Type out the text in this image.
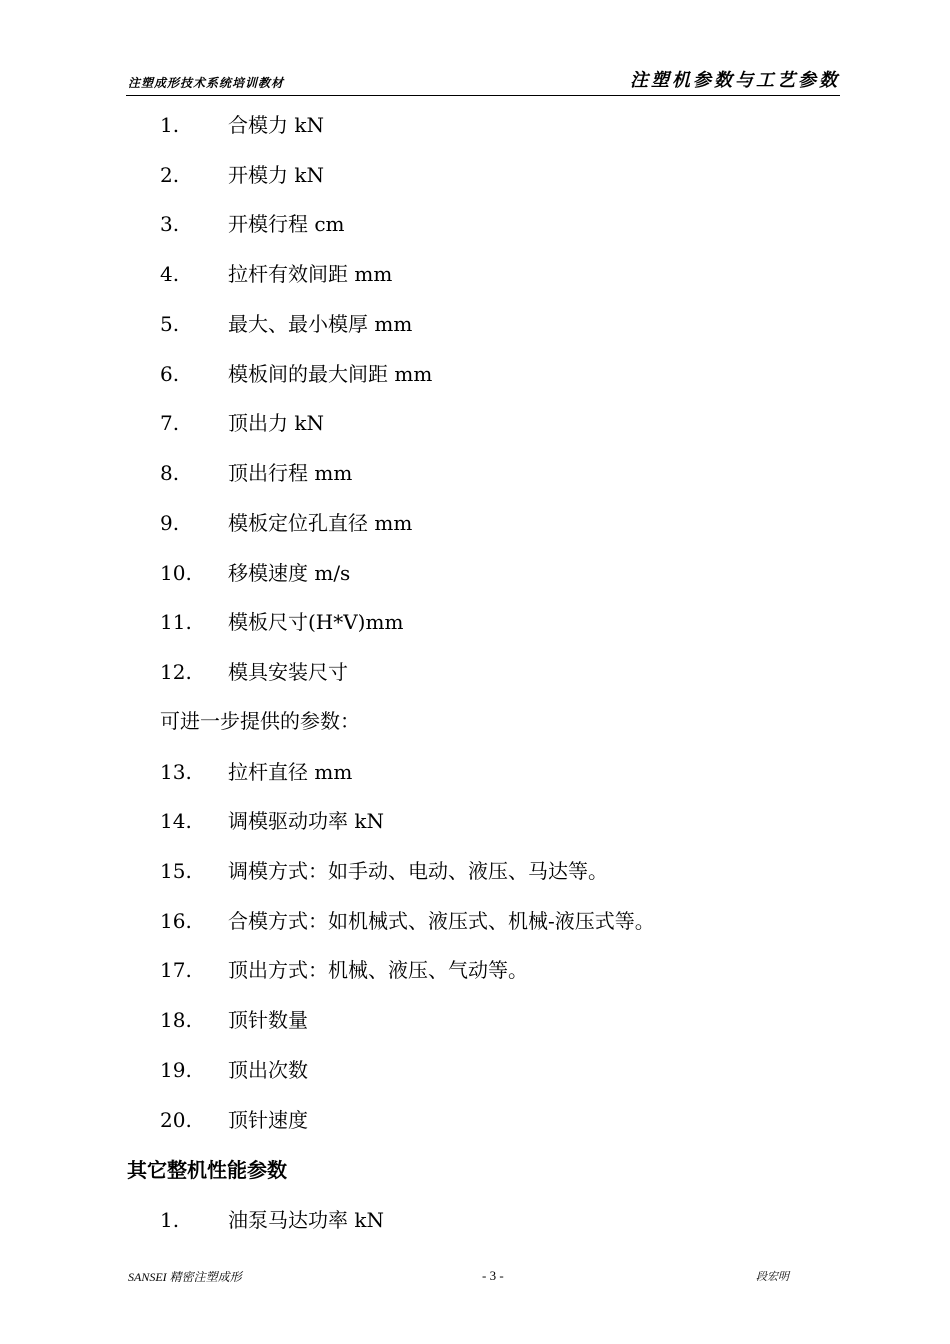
注塑成形技术系统培训教材	注塑机参数与工艺参数
1. 合模力 kN
2. 开模力 kN
3. 开模行程 cm
4. 拉杆有效间距 mm
5. 最大、最小模厚 mm
6. 模板间的最大间距 mm
7. 顶出力 kN
8. 顶出行程 mm
9. 模板定位孔直径 mm
10. 移模速度 m/s
11. 模板尺寸(H*V)mm
12. 模具安装尺寸
可进一步提供的参数：
13. 拉杆直径 mm
14. 调模驱动功率 kN
15. 调模方式：如手动、电动、液压、马达等。
16. 合模方式：如机械式、液压式、机械-液压式等。
17. 顶出方式：机械、液压、气动等。
18. 顶针数量
19. 顶出次数
20. 顶针速度
其它整机性能参数
1. 油泵马达功率 kN
SANSEI 精密注塑成形	- 3 -	段宏明
